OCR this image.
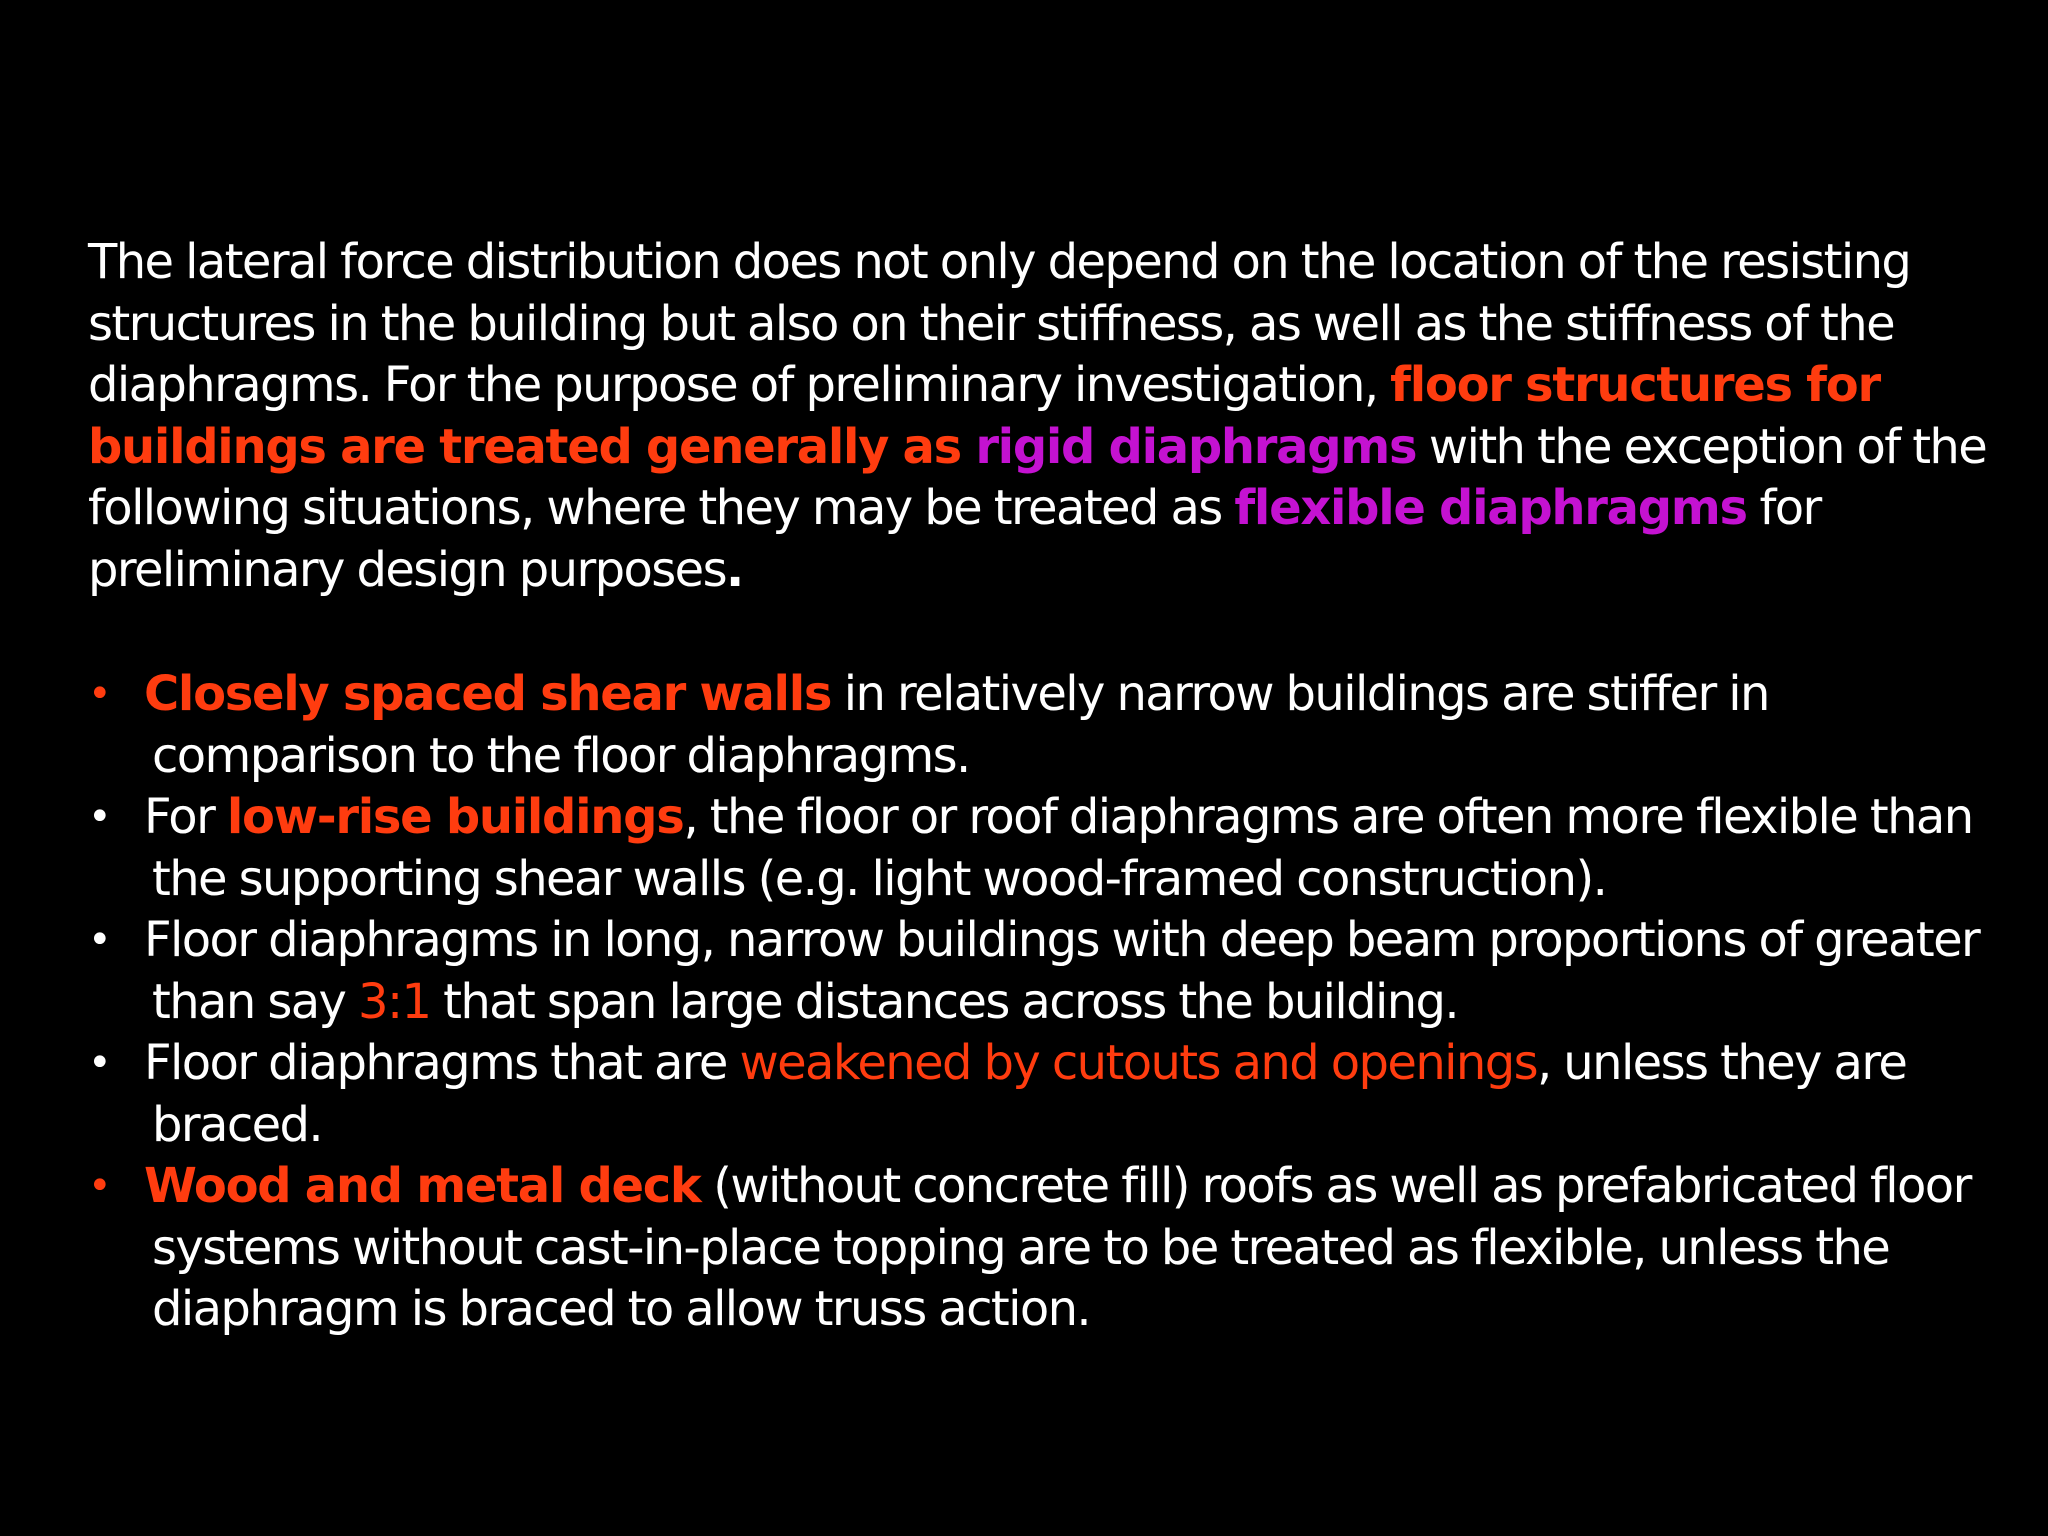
The lateral force distribution does not only depend on the location of the resisting structures in the building but also on their stiffness, as well as the stiffness of the diaphragms. For the purpose of preliminary investigation, floor structures for buildings are treated generally as rigid diaphragms with the exception of the following situations, where they may be treated as flexible diaphragms for preliminary design purposes.

• Closely spaced shear walls in relatively narrow buildings are stiffer in comparison to the floor diaphragms.
• For low-rise buildings, the floor or roof diaphragms are often more flexible than the supporting shear walls (e.g. light wood-framed construction).
• Floor diaphragms in long, narrow buildings with deep beam proportions of greater than say 3:1 that span large distances across the building.
• Floor diaphragms that are weakened by cutouts and openings, unless they are braced.
• Wood and metal deck (without concrete fill) roofs as well as prefabricated floor systems without cast-in-place topping are to be treated as flexible, unless the diaphragm is braced to allow truss action.
